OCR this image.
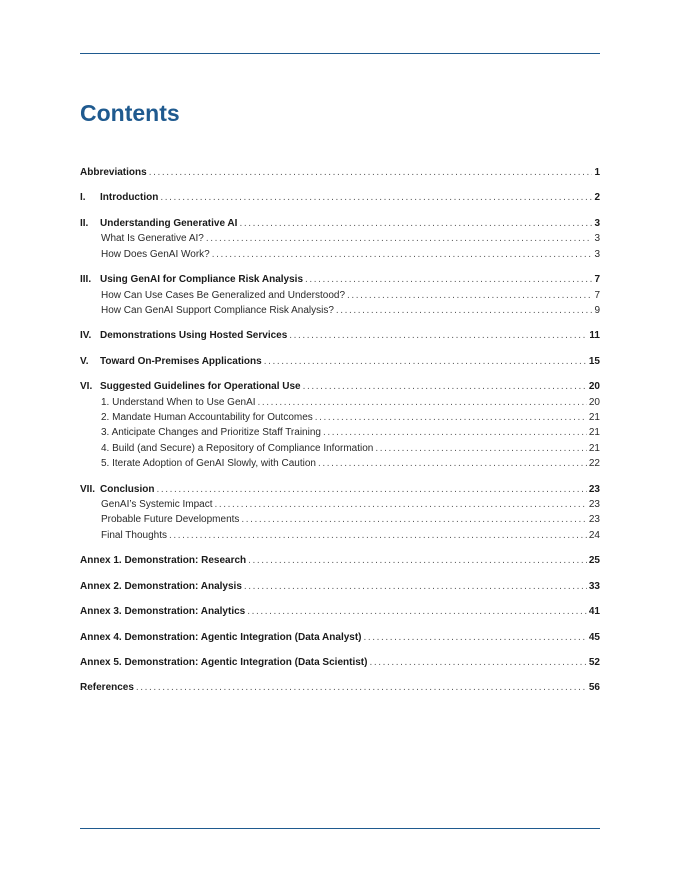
Contents
Abbreviations .....	1
I.	Introduction .....	2
II.	Understanding Generative AI .....	3
What Is Generative AI? .....	3
How Does GenAI Work? .....	3
III. Using GenAI for Compliance Risk Analysis .....	7
How Can Use Cases Be Generalized and Understood? .....	7
How Can GenAI Support Compliance Risk Analysis? .....	9
IV. Demonstrations Using Hosted Services .....	11
V.	Toward On-Premises Applications .....	15
VI. Suggested Guidelines for Operational Use .....	20
1. Understand When to Use GenAI .....	20
2. Mandate Human Accountability for Outcomes .....	21
3. Anticipate Changes and Prioritize Staff Training .....	21
4. Build (and Secure) a Repository of Compliance Information .....	21
5. Iterate Adoption of GenAI Slowly, with Caution .....	22
VII. Conclusion .....	23
GenAI’s Systemic Impact .....	23
Probable Future Developments .....	23
Final Thoughts .....	24
Annex 1. Demonstration: Research .....	25
Annex 2. Demonstration: Analysis .....	33
Annex 3. Demonstration: Analytics .....	41
Annex 4. Demonstration: Agentic Integration (Data Analyst) .....	45
Annex 5. Demonstration: Agentic Integration (Data Scientist) .....	52
References .....	56
